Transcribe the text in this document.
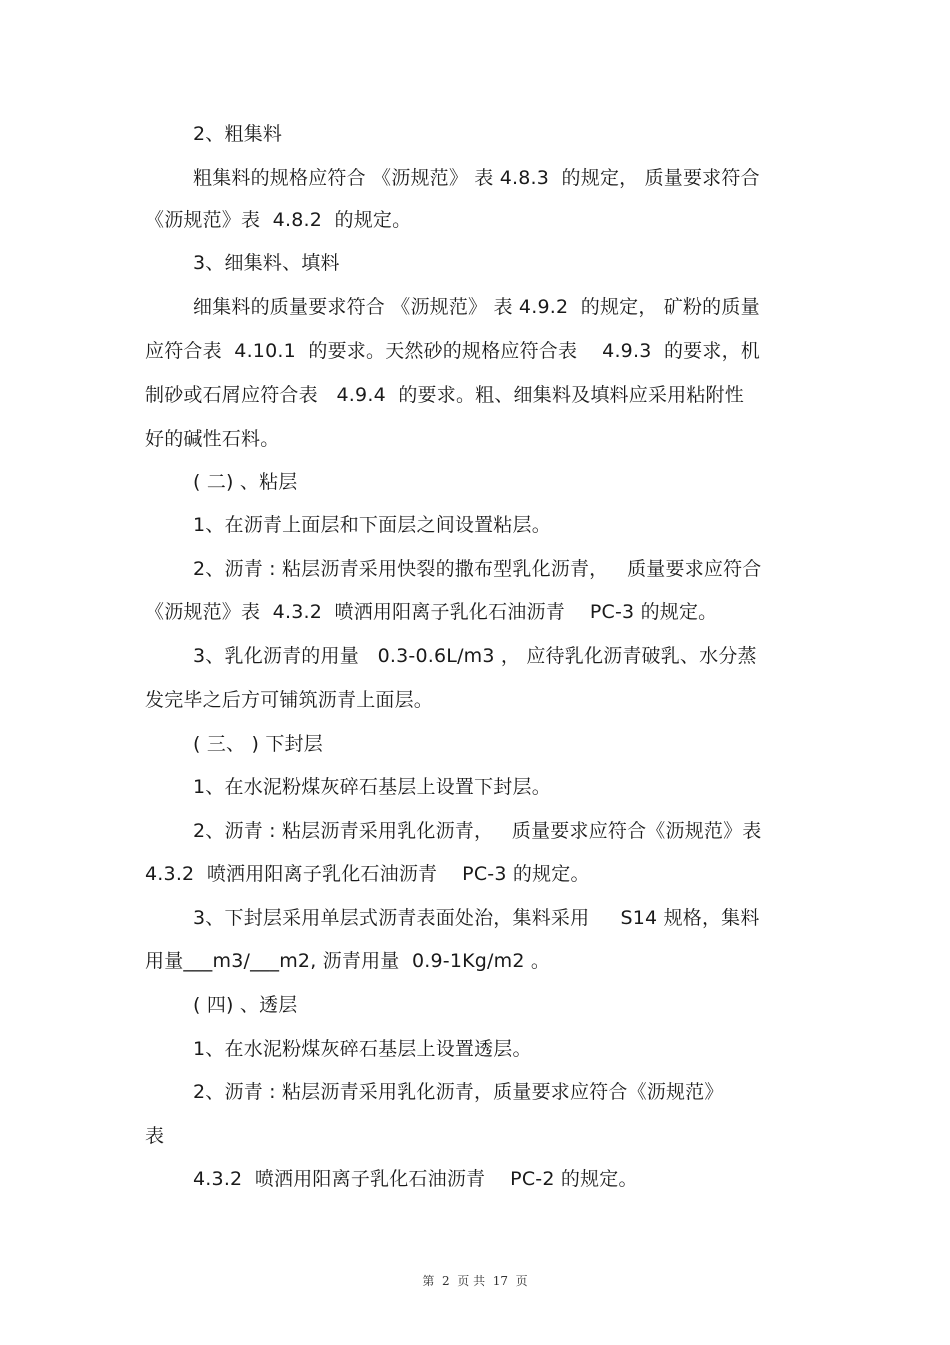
2、粗集料
粗集料的规格应符合 《沥规范》 表 4.8.3  的规定， 质量要求符合
《沥规范》表  4.8.2  的规定。
3、细集料、填料
细集料的质量要求符合 《沥规范》 表 4.9.2  的规定， 矿粉的质量
应符合表  4.10.1  的要求。天然砂的规格应符合表    4.9.3  的要求，机
制砂或石屑应符合表   4.9.4  的要求。粗、细集料及填料应采用粘附性
好的碱性石料。
( 二) 、粘层
1、在沥青上面层和下面层之间设置粘层。
2、沥青 : 粘层沥青采用快裂的撒布型乳化沥青，   质量要求应符合
《沥规范》表  4.3.2  喷洒用阳离子乳化石油沥青    PC-3 的规定。
3、乳化沥青的用量   0.3-0.6L/m3 ， 应待乳化沥青破乳、水分蒸
发完毕之后方可铺筑沥青上面层。
( 三、 ) 下封层
1、在水泥粉煤灰碎石基层上设置下封层。
2、沥青 : 粘层沥青采用乳化沥青，   质量要求应符合《沥规范》表
4.3.2  喷洒用阳离子乳化石油沥青    PC-3 的规定。
3、下封层采用单层式沥青表面处治，集料采用     S14 规格，集料
用量___m3/___m2, 沥青用量  0.9-1Kg/m2 。
( 四) 、透层
1、在水泥粉煤灰碎石基层上设置透层。
2、沥青 : 粘层沥青采用乳化沥青，质量要求应符合《沥规范》
表
4.3.2  喷洒用阳离子乳化石油沥青    PC-2 的规定。
第  2  页 共  17  页
